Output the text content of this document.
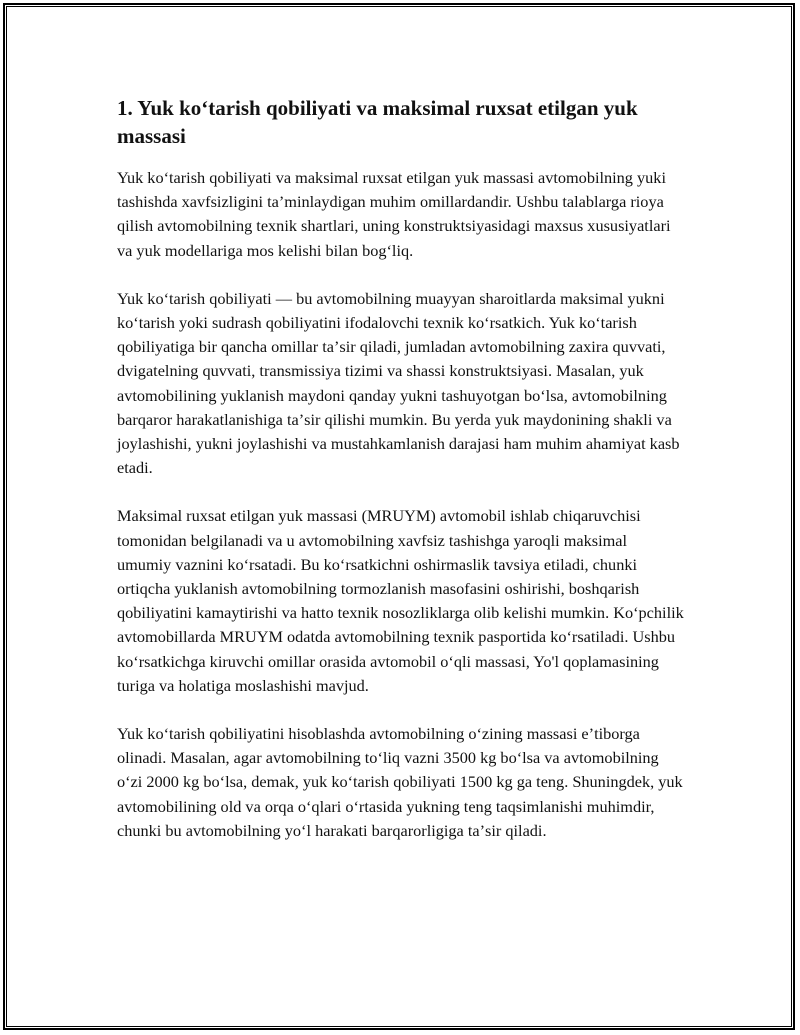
1. Yuk koʻtarish qobiliyati va maksimal ruxsat etilgan yuk massasi

Yuk koʻtarish qobiliyati va maksimal ruxsat etilgan yuk massasi avtomobilning yuki tashishda xavfsizligini taʼminlaydigan muhim omillardandir. Ushbu talablarga rioya qilish avtomobilning texnik shartlari, uning konstruktsiyasidagi maxsus xususiyatlari va yuk modellariga mos kelishi bilan bogʻliq.

Yuk koʻtarish qobiliyati — bu avtomobilning muayyan sharoitlarda maksimal yukni koʻtarish yoki sudrash qobiliyatini ifodalovchi texnik koʻrsatkich. Yuk koʻtarish qobiliyatiga bir qancha omillar taʼsir qiladi, jumladan avtomobilning zaxira quvvati, dvigatelning quvvati, transmissiya tizimi va shassi konstruktsiyasi. Masalan, yuk avtomobilining yuklanish maydoni qanday yukni tashuyotgan boʻlsa, avtomobilning barqaror harakatlanishiga taʼsir qilishi mumkin. Bu yerda yuk maydonining shakli va joylashishi, yukni joylashishi va mustahkamlanish darajasi ham muhim ahamiyat kasb etadi.

Maksimal ruxsat etilgan yuk massasi (MRUYM) avtomobil ishlab chiqaruvchisi tomonidan belgilanadi va u avtomobilning xavfsiz tashishga yaroqli maksimal umumiy vaznini koʻrsatadi. Bu koʻrsatkichni oshirmaslik tavsiya etiladi, chunki ortiqcha yuklanish avtomobilning tormozlanish masofasini oshirishi, boshqarish qobiliyatini kamaytirishi va hatto texnik nosozliklarga olib kelishi mumkin. Koʻpchilik avtomobillarda MRUYM odatda avtomobilning texnik pasportida koʻrsatiladi. Ushbu koʻrsatkichga kiruvchi omillar orasida avtomobil oʻqli massasi, Yo'l qoplamasining turiga va holatiga moslashishi mavjud.

Yuk koʻtarish qobiliyatini hisoblashda avtomobilning oʻzining massasi eʼtiborga olinadi. Masalan, agar avtomobilning toʻliq vazni 3500 kg boʻlsa va avtomobilning oʻzi 2000 kg boʻlsa, demak, yuk koʻtarish qobiliyati 1500 kg ga teng. Shuningdek, yuk avtomobilining old va orqa oʻqlari oʻrtasida yukning teng taqsimlanishi muhimdir, chunki bu avtomobilning yoʻl harakati barqarorligiga taʼsir qiladi.
